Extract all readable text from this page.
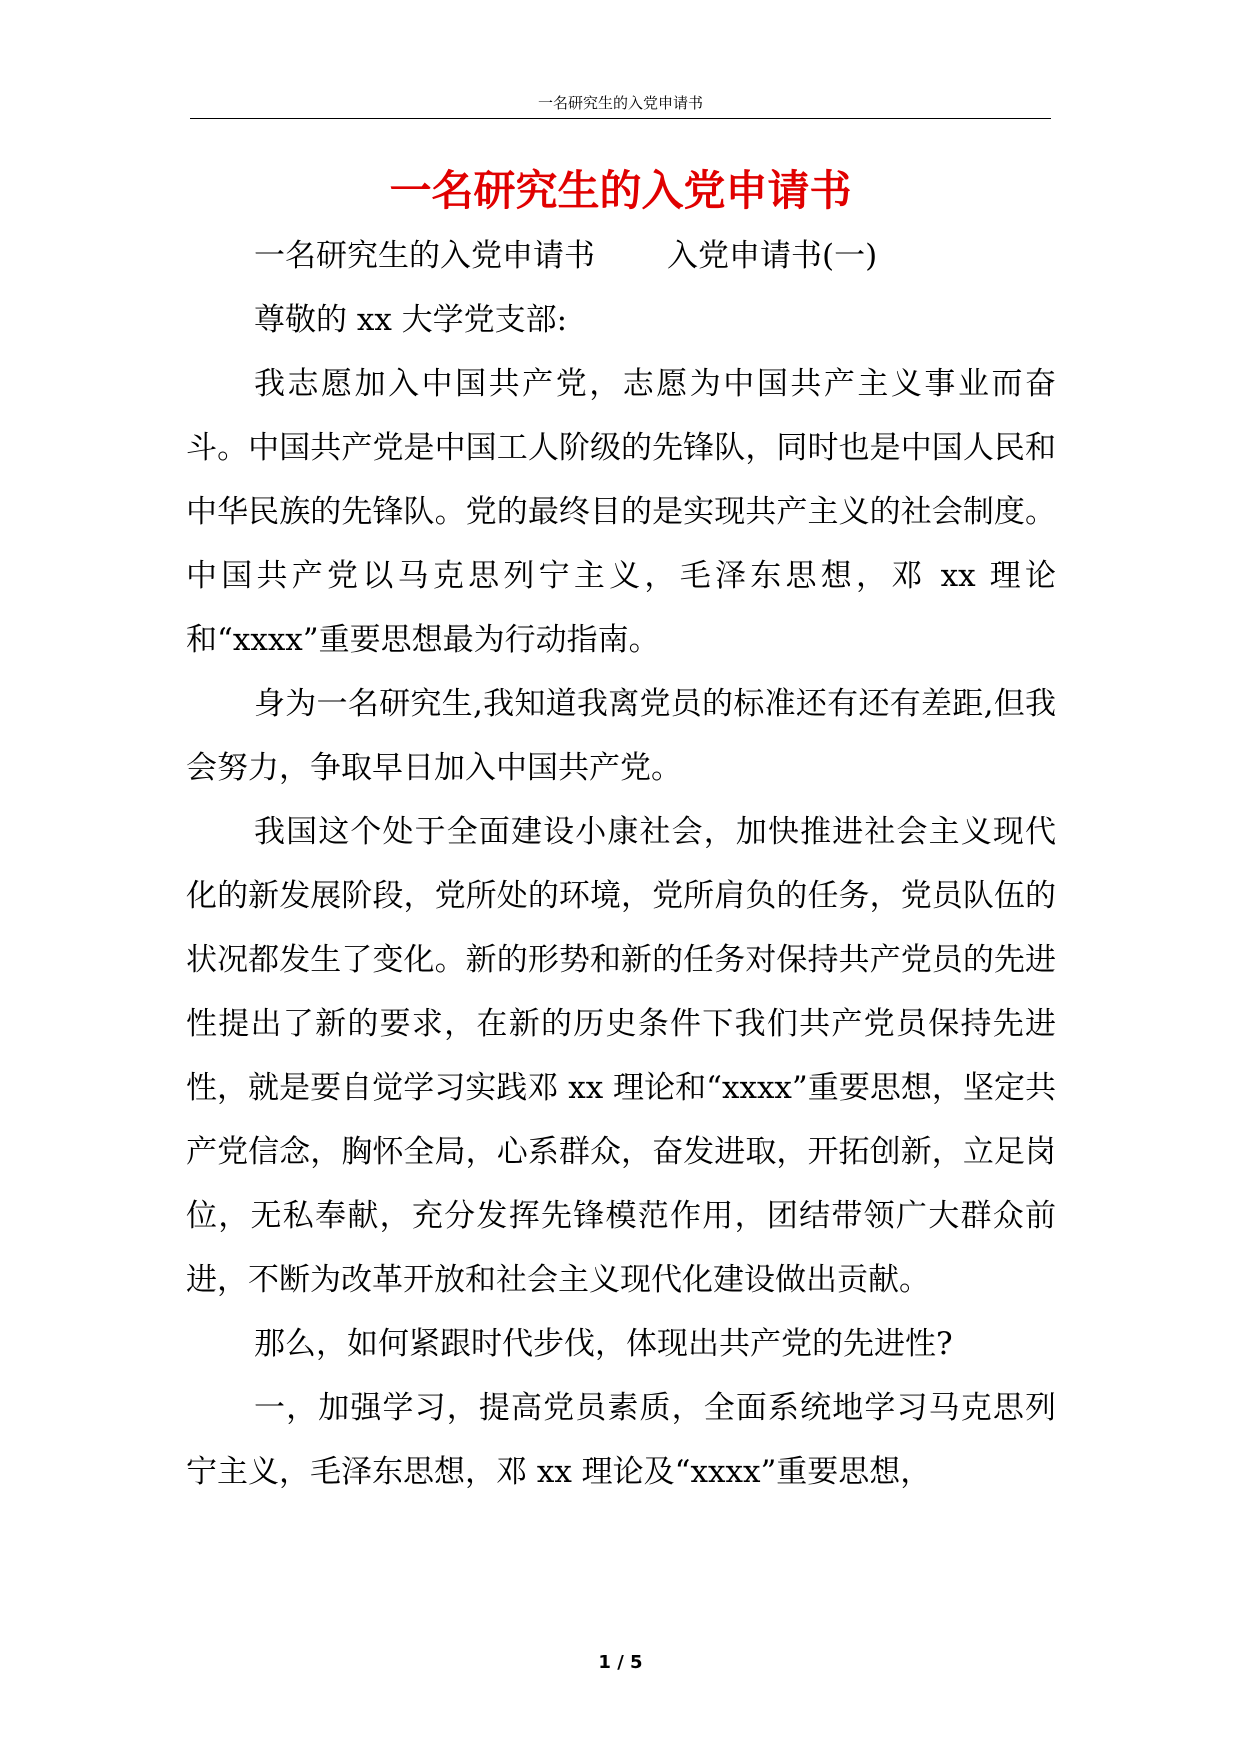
一名研究生的入党申请书
一名研究生的入党申请书

一名研究生的入党申请书 入党申请书(一)

尊敬的 xx 大学党支部:

我志愿加入中国共产党，志愿为中国共产主义事业而奋斗。中国共产党是中国工人阶级的先锋队，同时也是中国人民和中华民族的先锋队。党的最终目的是实现共产主义的社会制度。中国共产党以马克思列宁主义，毛泽东思想，邓 xx 理论和“xxxx”重要思想最为行动指南。

身为一名研究生,我知道我离党员的标准还有还有差距,但我会努力，争取早日加入中国共产党。

我国这个处于全面建设小康社会，加快推进社会主义现代化的新发展阶段，党所处的环境，党所肩负的任务，党员队伍的状况都发生了变化。新的形势和新的任务对保持共产党员的先进性提出了新的要求，在新的历史条件下我们共产党员保持先进性，就是要自觉学习实践邓 xx 理论和“xxxx”重要思想，坚定共产党信念，胸怀全局，心系群众，奋发进取，开拓创新，立足岗位，无私奉献，充分发挥先锋模范作用，团结带领广大群众前进，不断为改革开放和社会主义现代化建设做出贡献。

那么，如何紧跟时代步伐，体现出共产党的先进性?

一，加强学习，提高党员素质，全面系统地学习马克思列宁主义，毛泽东思想，邓 xx 理论及“xxxx”重要思想，

1 / 5
